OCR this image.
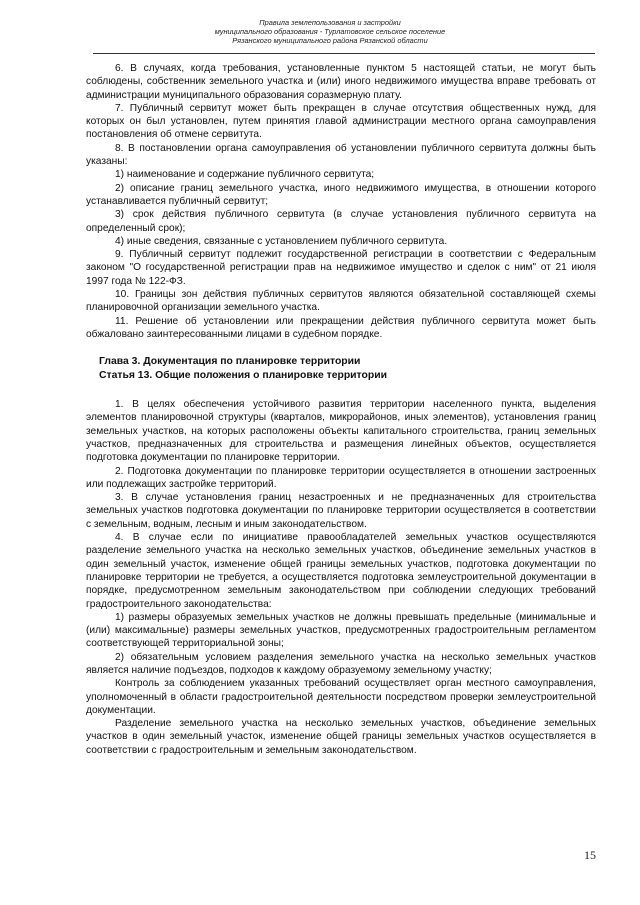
Правила землепользования и застройки
муниципального образования - Турлатовское сельское поселение
Рязанского муниципального района Рязанской области

6. В случаях, когда требования, установленные пунктом 5 настоящей статьи, не могут быть соблюдены, собственник земельного участка и (или) иного недвижимого имущества вправе требовать от администрации муниципального образования соразмерную плату.

7. Публичный сервитут может быть прекращен в случае отсутствия общественных нужд, для которых он был установлен, путем принятия главой администрации местного органа самоуправления постановления об отмене сервитута.

8. В постановлении органа самоуправления об установлении публичного сервитута должны быть указаны:

1) наименование и содержание публичного сервитута;

2) описание границ земельного участка, иного недвижимого имущества, в отношении которого устанавливается публичный сервитут;

3) срок действия публичного сервитута (в случае установления публичного сервитута на определенный срок);

4) иные сведения, связанные с установлением публичного сервитута.

9. Публичный сервитут подлежит государственной регистрации в соответствии с Федеральным законом "О государственной регистрации прав на недвижимое имущество и сделок с ним" от 21 июля 1997 года № 122-ФЗ.

10. Границы зон действия публичных сервитутов являются обязательной составляющей схемы планировочной организации земельного участка.

11. Решение об установлении или прекращении действия публичного сервитута может быть обжаловано заинтересованными лицами в судебном порядке.

Глава 3. Документация по планировке территории

Статья 13. Общие положения о планировке территории

1. В целях обеспечения устойчивого развития территории населенного пункта, выделения элементов планировочной структуры (кварталов, микрорайонов, иных элементов), установления границ земельных участков, на которых расположены объекты капитального строительства, границ земельных участков, предназначенных для строительства и размещения линейных объектов, осуществляется подготовка документации по планировке территории.

2. Подготовка документации по планировке территории осуществляется в отношении застроенных или подлежащих застройке территорий.

3. В случае установления границ незастроенных и не предназначенных для строительства земельных участков подготовка документации по планировке территории осуществляется в соответствии с земельным, водным, лесным и иным законодательством.

4. В случае если по инициативе правообладателей земельных участков осуществляются разделение земельного участка на несколько земельных участков, объединение земельных участков в один земельный участок, изменение общей границы земельных участков, подготовка документации по планировке территории не требуется, а осуществляется подготовка землеустроительной документации в порядке, предусмотренном земельным законодательством при соблюдении следующих требований градостроительного законодательства:

1) размеры образуемых земельных участков не должны превышать предельные (минимальные и (или) максимальные) размеры земельных участков, предусмотренных градостроительным регламентом соответствующей территориальной зоны;

2) обязательным условием разделения земельного участка на несколько земельных участков является наличие подъездов, подходов к каждому образуемому земельному участку;

Контроль за соблюдением указанных требований осуществляет орган местного самоуправления, уполномоченный в области градостроительной деятельности посредством проверки землеустроительной документации.

Разделение земельного участка на несколько земельных участков, объединение земельных участков в один земельный участок, изменение общей границы земельных участков осуществляется в соответствии с градостроительным и земельным законодательством.

15
